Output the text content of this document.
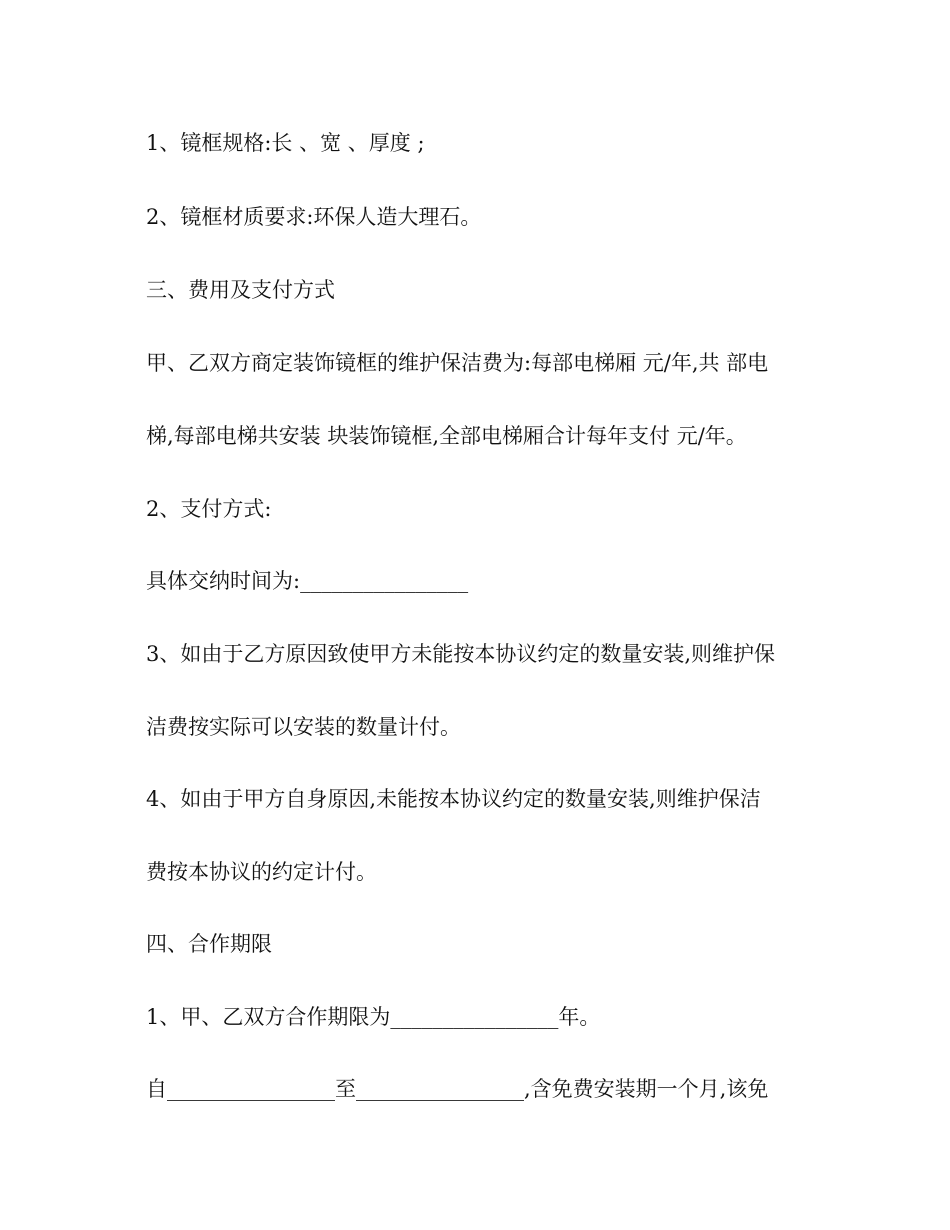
1、镜框规格:长 、宽 、厚度 ;

2、镜框材质要求:环保人造大理石。

三、费用及支付方式

甲、乙双方商定装饰镜框的维护保洁费为:每部电梯厢 元/年,共 部电

梯,每部电梯共安装 块装饰镜框,全部电梯厢合计每年支付 元/年。

2、支付方式:

具体交纳时间为:________________

3、如由于乙方原因致使甲方未能按本协议约定的数量安装,则维护保

洁费按实际可以安装的数量计付。

4、如由于甲方自身原因,未能按本协议约定的数量安装,则维护保洁

费按本协议的约定计付。

四、合作期限

1、甲、乙双方合作期限为________________年。

自________________至________________,含免费安装期一个月,该免
